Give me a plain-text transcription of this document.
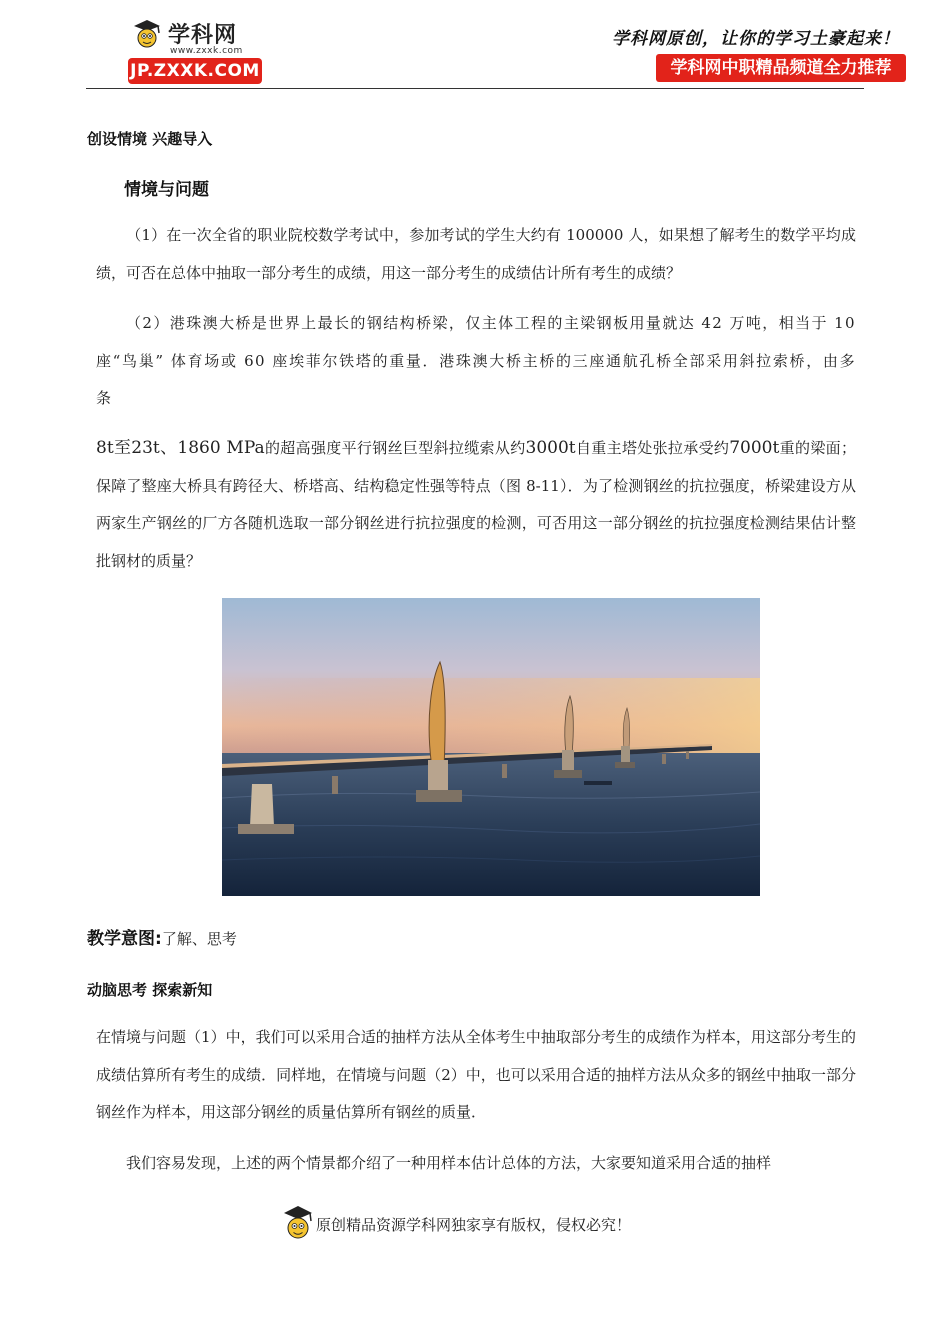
学科网
www.zxxk.com
JP.ZXXK.COM
学科网原创，让你的学习土豪起来！
学科网中职精品频道全力推荐
创设情境 兴趣导入
情境与问题
（1）在一次全省的职业院校数学考试中，参加考试的学生大约有 100000 人，如果想了解考生的数学平均成绩，可否在总体中抽取一部分考生的成绩，用这一部分考生的成绩估计所有考生的成绩？
（2）港珠澳大桥是世界上最长的钢结构桥梁，仅主体工程的主梁钢板用量就达 42 万吨，相当于 10 座“鸟巢” 体育场或 60 座埃菲尔铁塔的重量．港珠澳大桥主桥的三座通航孔桥全部采用斜拉索桥，由多条
8t至23t、1860 MPa的超高强度平行钢丝巨型斜拉缆索从约3000t自重主塔处张拉承受约7000t重的梁面；保障了整座大桥具有跨径大、桥塔高、结构稳定性强等特点（图 8-11）．为了检测钢丝的抗拉强度，桥梁建设方从两家生产钢丝的厂方各随机选取一部分钢丝进行抗拉强度的检测，可否用这一部分钢丝的抗拉强度检测结果估计整批钢材的质量？
教学意图:了解、思考
动脑思考 探索新知
在情境与问题（1）中，我们可以采用合适的抽样方法从全体考生中抽取部分考生的成绩作为样本，用这部分考生的成绩估算所有考生的成绩．同样地，在情境与问题（2）中，也可以采用合适的抽样方法从众多的钢丝中抽取一部分钢丝作为样本，用这部分钢丝的质量估算所有钢丝的质量．
我们容易发现，上述的两个情景都介绍了一种用样本估计总体的方法，大家要知道采用合适的抽样
原创精品资源学科网独家享有版权，侵权必究！
